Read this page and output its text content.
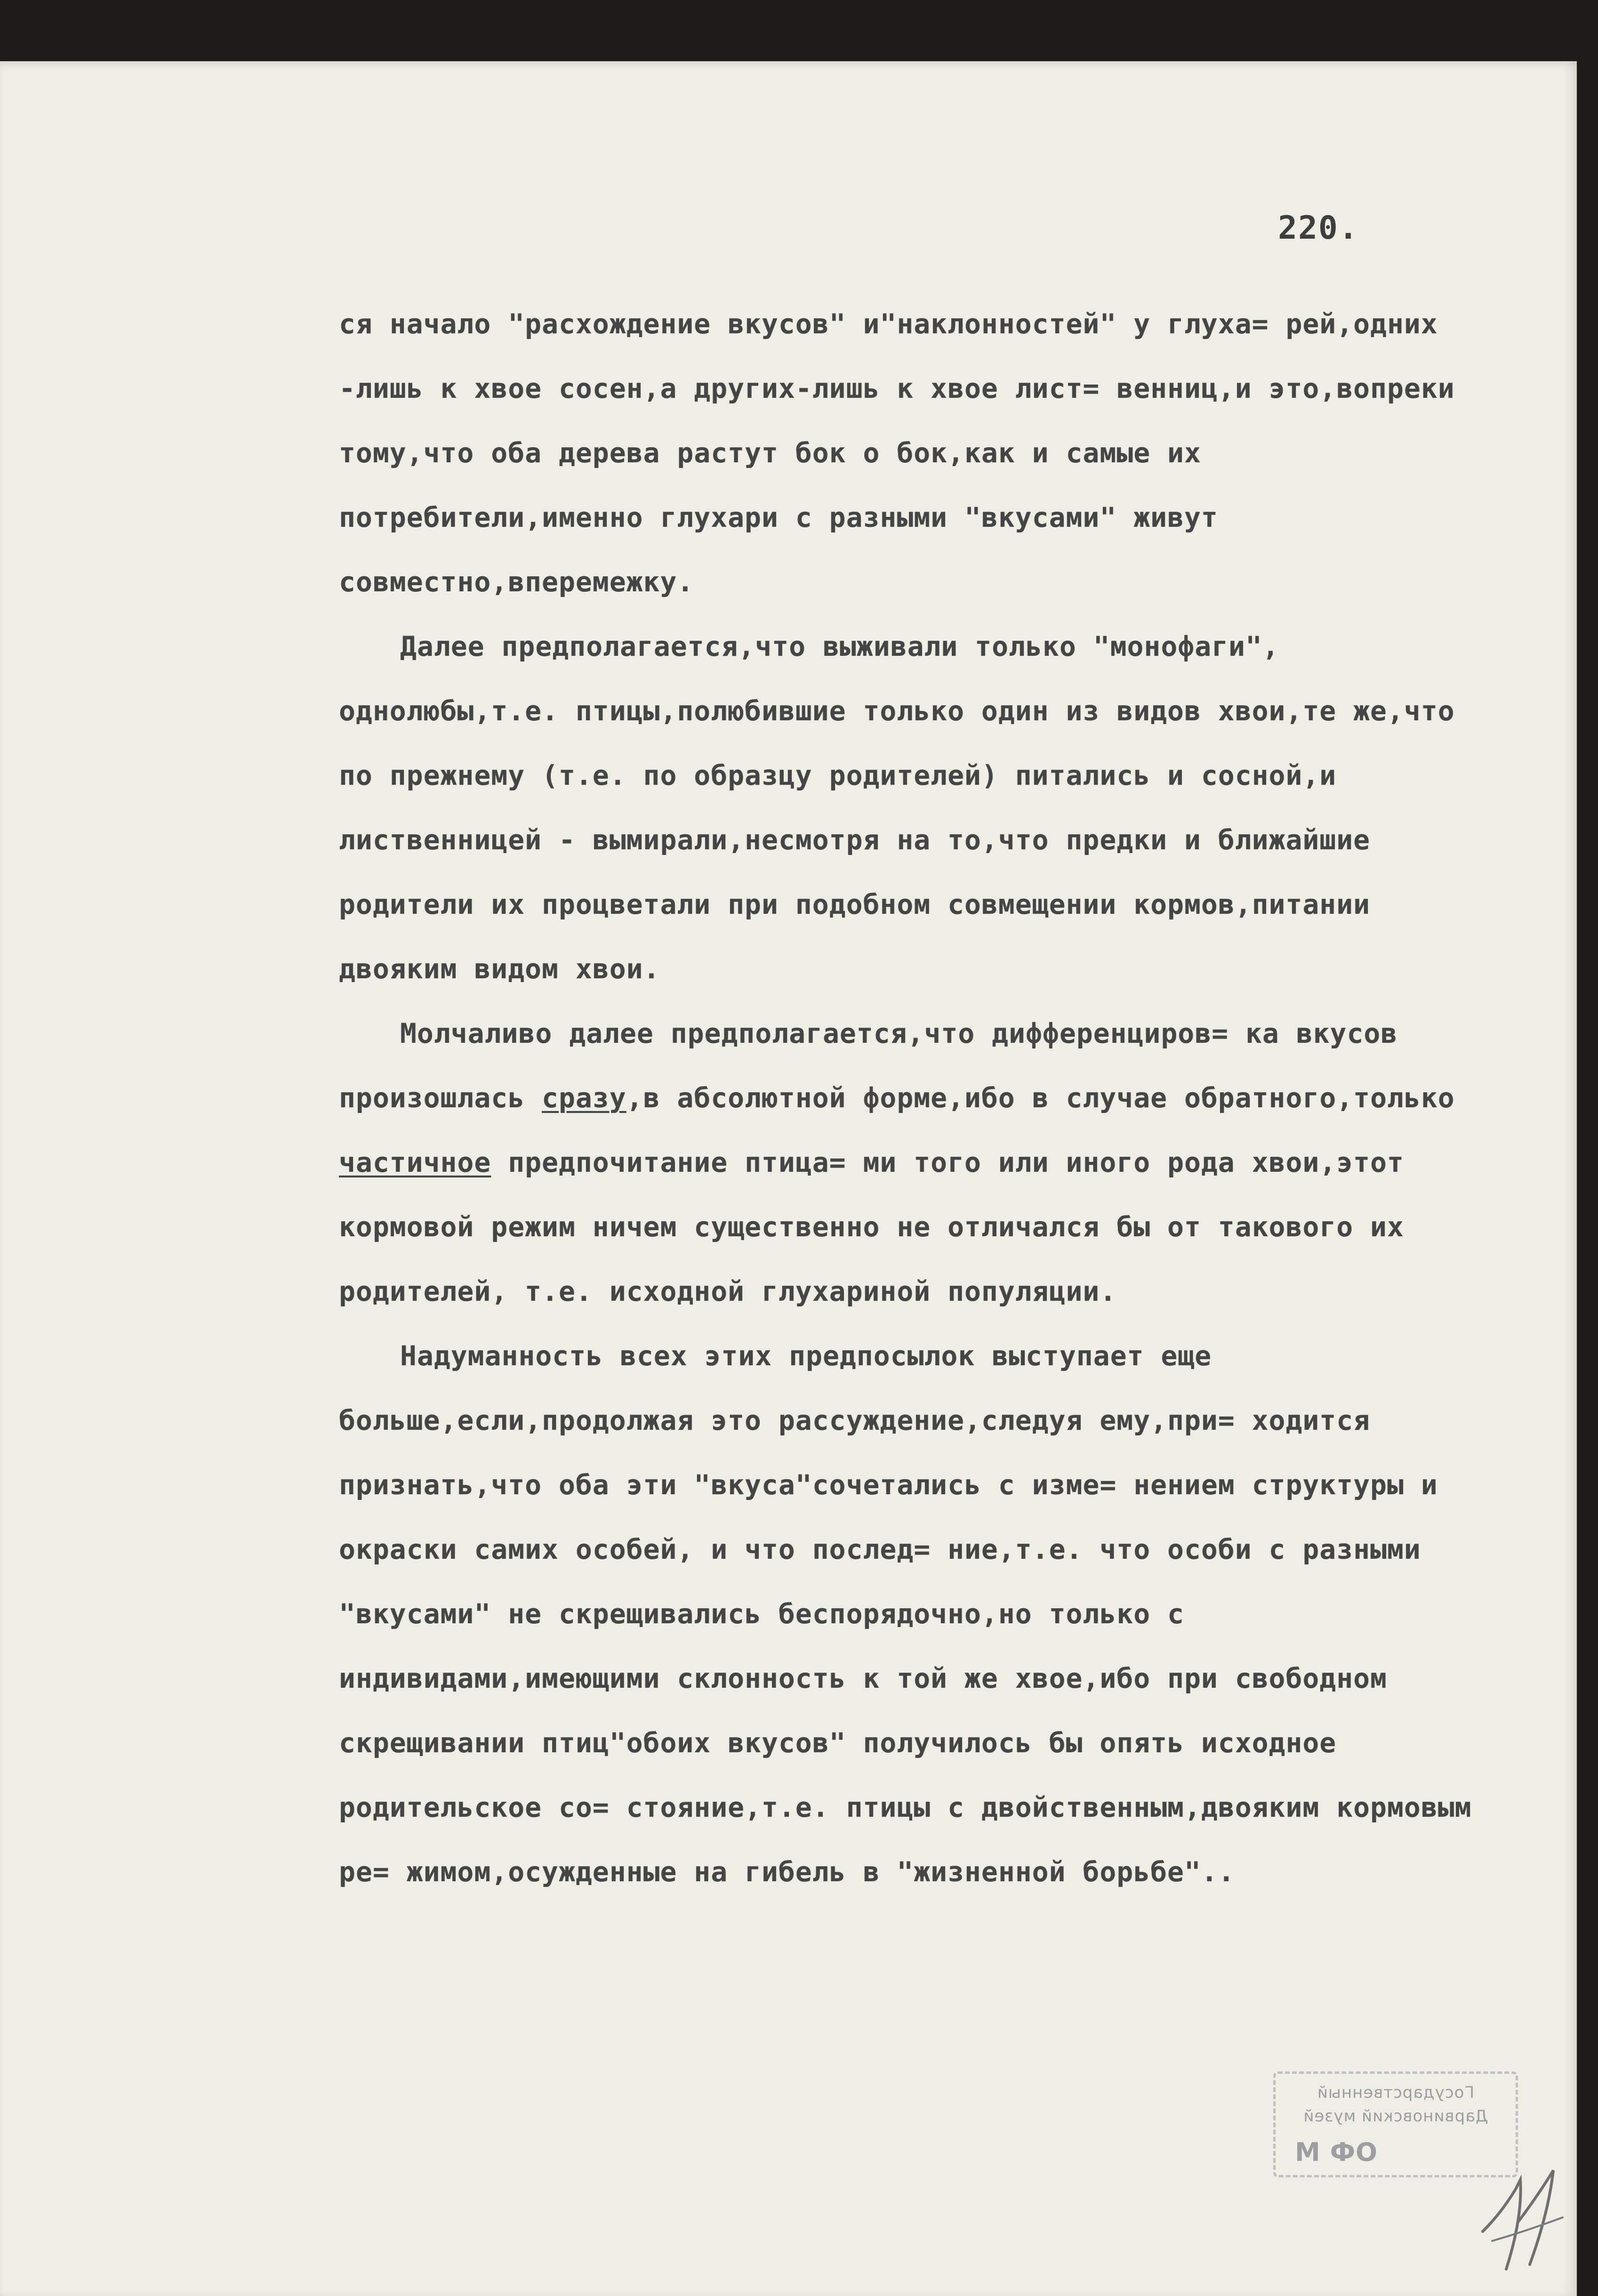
220.

ся начало "расхождение вкусов" и"наклонностей" у глуха= рей,одних -лишь к хвое сосен,а других-лишь к хвое лист= венниц,и это,вопреки тому,что оба дерева растут бок о бок,как и самые их потребители,именно глухари с разными "вкусами" живут совместно,вперемежку.

Далее предполагается,что выживали только "монофаги", однолюбы,т.е. птицы,полюбившие только один из видов хвои,те же,что по прежнему (т.е. по образцу родителей) питались и сосной,и лиственницей - вымирали,несмотря на то,что предки и ближайшие родители их процветали при подобном совмещении кормов,питании двояким видом хвои.

Молчаливо далее предполагается,что дифференциров= ка вкусов произошлась сразу,в абсолютной форме,ибо в случае обратного,только частичное предпочитание птица= ми того или иного рода хвои,этот кормовой режим ничем существенно не отличался бы от такового их родителей, т.е. исходной глухариной популяции.

Надуманность всех этих предпосылок выступает еще больше,если,продолжая это рассуждение,следуя ему,при= ходится признать,что оба эти "вкуса"сочетались с изме= нением структуры и окраски самих особей, и что послед= ние,т.е. что особи с разными "вкусами" не скрещивались беспорядочно,но только с индивидами,имеющими склонность к той же хвое,ибо при свободном скрещивании птиц"обоих вкусов" получилось бы опять исходное родительское со= стояние,т.е. птицы с двойственным,двояким кормовым ре= жимом,осужденные на гибель в "жизненной борьбе"..

Государственный
Дарвиновский музей
ОФ М
